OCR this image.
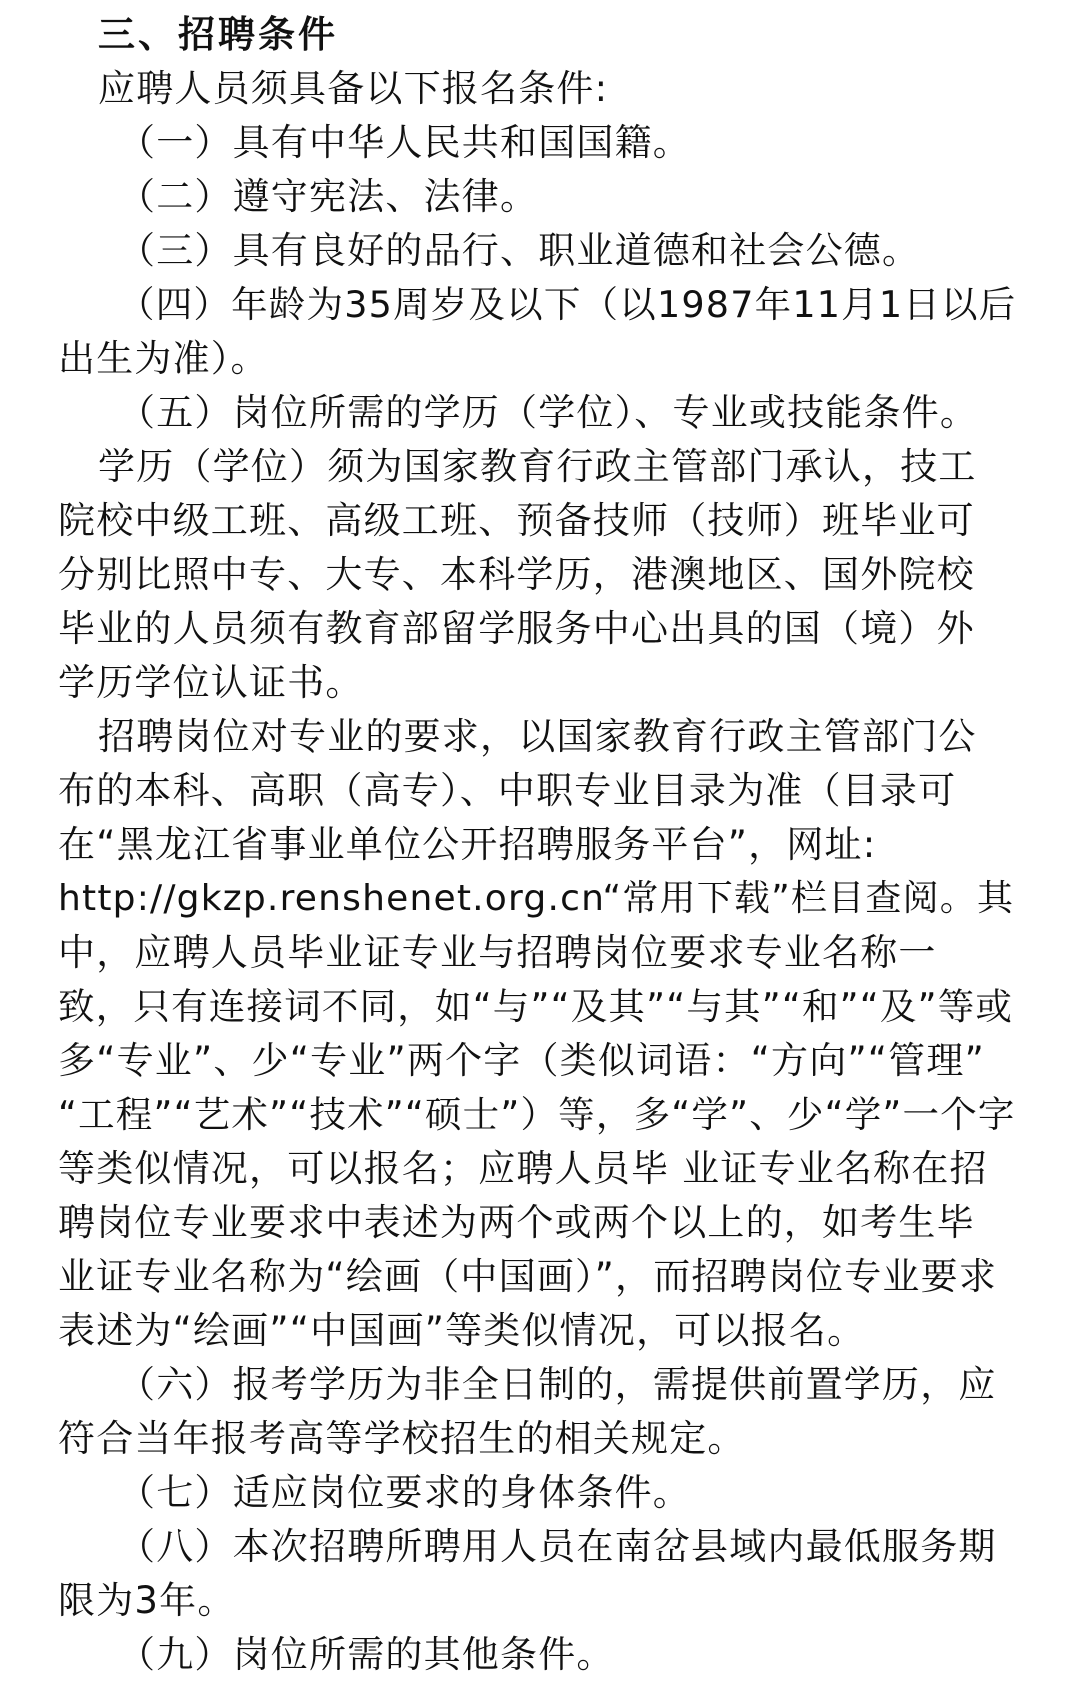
三、招聘条件
应聘人员须具备以下报名条件:
（一）具有中华人民共和国国籍。
（二）遵守宪法、法律。
（三）具有良好的品行、职业道德和社会公德。
（四）年龄为35周岁及以下（以1987年11月1日以后
出生为准）。
（五）岗位所需的学历（学位）、专业或技能条件。
学历（学位）须为国家教育行政主管部门承认，技工
院校中级工班、高级工班、预备技师（技师）班毕业可
分别比照中专、大专、本科学历，港澳地区、国外院校
毕业的人员须有教育部留学服务中心出具的国（境）外
学历学位认证书。
招聘岗位对专业的要求，以国家教育行政主管部门公
布的本科、高职（高专）、中职专业目录为准（目录可
在“黑龙江省事业单位公开招聘服务平台”，网址:
http://gkzp.renshenet.org.cn“常用下载”栏目查阅。其
中，应聘人员毕业证专业与招聘岗位要求专业名称一
致，只有连接词不同，如“与”“及其”“与其”“和”“及”等或
多“专业”、少“专业”两个字（类似词语：“方向”“管理”
“工程”“艺术”“技术”“硕士”）等，多“学”、少“学”一个字
等类似情况，可以报名；应聘人员毕 业证专业名称在招
聘岗位专业要求中表述为两个或两个以上的，如考生毕
业证专业名称为“绘画（中国画）”，而招聘岗位专业要求
表述为“绘画”“中国画”等类似情况，可以报名。
（六）报考学历为非全日制的，需提供前置学历，应
符合当年报考高等学校招生的相关规定。
（七）适应岗位要求的身体条件。
（八）本次招聘所聘用人员在南岔县域内最低服务期
限为3年。
（九）岗位所需的其他条件。
